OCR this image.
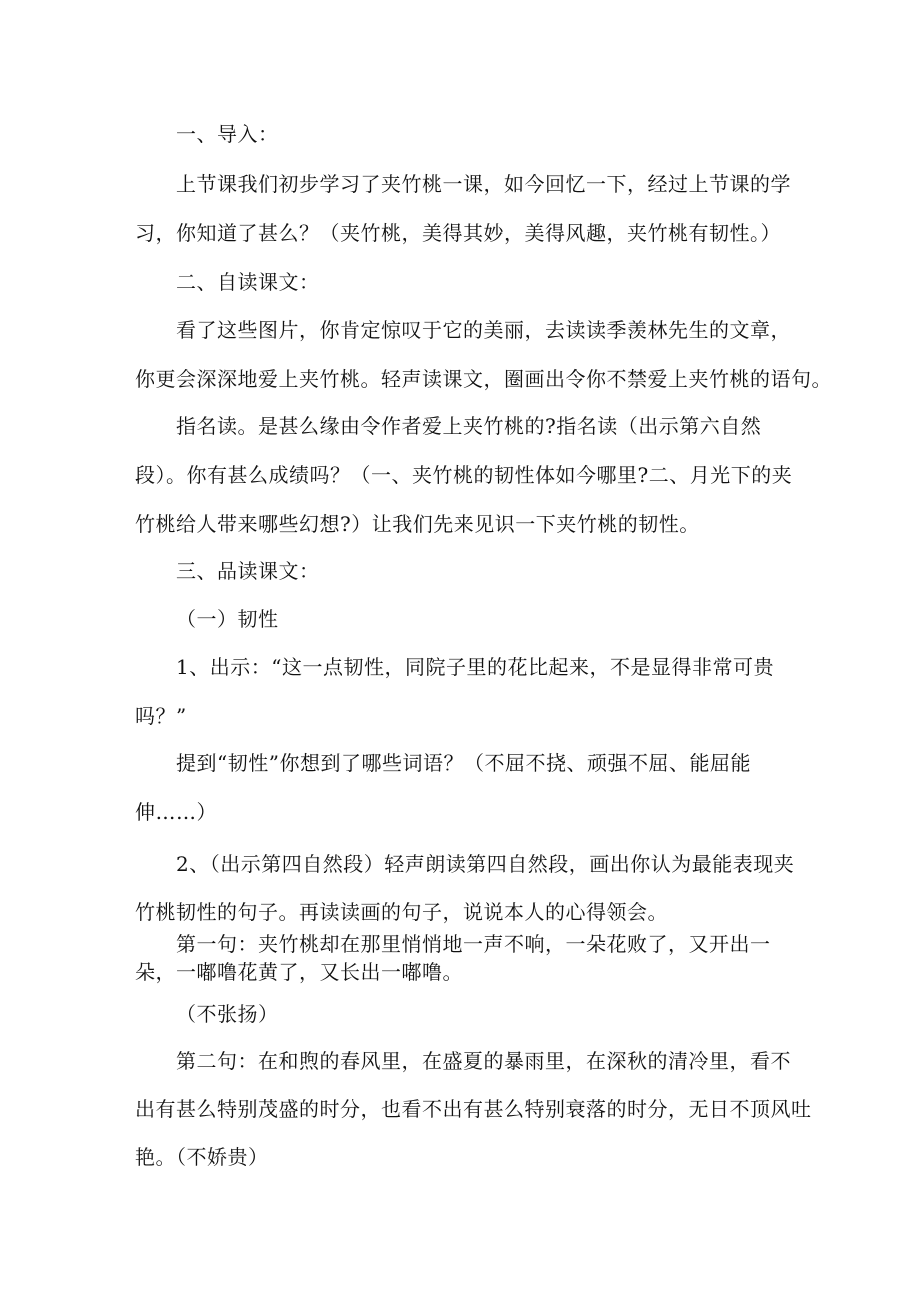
一、导入：
上节课我们初步学习了夹竹桃一课，如今回忆一下，经过上节课的学
习，你知道了甚么？（夹竹桃，美得其妙，美得风趣，夹竹桃有韧性。）
二、自读课文：
看了这些图片，你肯定惊叹于它的美丽，去读读季羡林先生的文章，
你更会深深地爱上夹竹桃。轻声读课文，圈画出令你不禁爱上夹竹桃的语句。
指名读。是甚么缘由令作者爱上夹竹桃的?指名读（出示第六自然
段）。你有甚么成绩吗？（一、夹竹桃的韧性体如今哪里?二、月光下的夹
竹桃给人带来哪些幻想?）让我们先来见识一下夹竹桃的韧性。
三、品读课文：
（一）韧性
1、出示：“这一点韧性，同院子里的花比起来，不是显得非常可贵
吗？”
提到“韧性”你想到了哪些词语？（不屈不挠、顽强不屈、能屈能
伸……）
2、（出示第四自然段）轻声朗读第四自然段，画出你认为最能表现夹
竹桃韧性的句子。再读读画的句子，说说本人的心得领会。
第一句：夹竹桃却在那里悄悄地一声不响，一朵花败了，又开出一
朵，一嘟噜花黄了，又长出一嘟噜。
（不张扬）
第二句：在和煦的春风里，在盛夏的暴雨里，在深秋的清冷里，看不
出有甚么特别茂盛的时分，也看不出有甚么特别衰落的时分，无日不顶风吐
艳。（不娇贵）
